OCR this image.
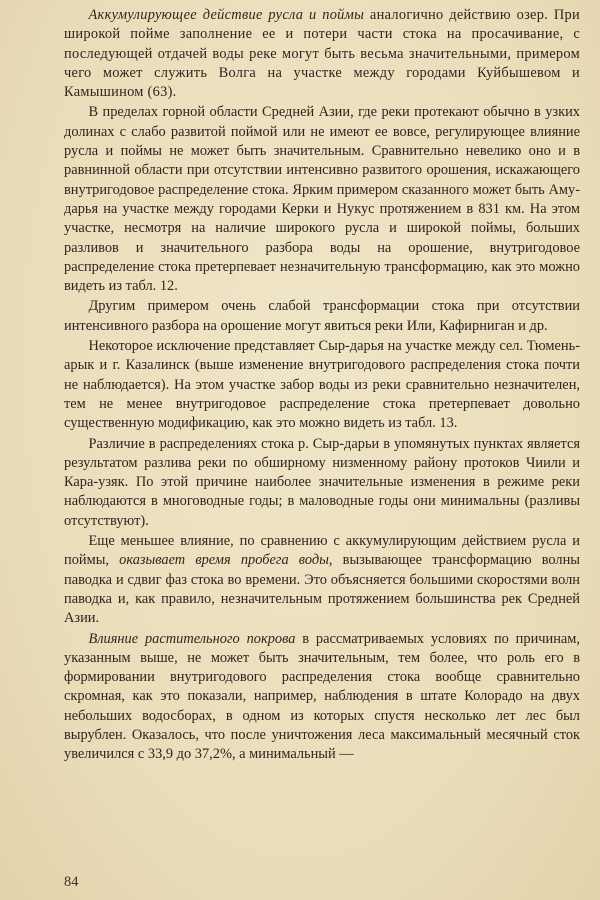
Аккумулирующее действие русла и поймы аналогично действию озер. При широкой пойме заполнение ее и потери части стока на просачивание, с последующей отдачей воды реке могут быть весьма значительными, примером чего может служить Волга на участке между городами Куйбышевом и Камышином (63).

В пределах горной области Средней Азии, где реки протекают обычно в узких долинах с слабо развитой поймой или не имеют ее вовсе, регулирующее влияние русла и поймы не может быть значительным. Сравнительно невелико оно и в равнинной области при отсутствии интенсивно развитого орошения, искажающего внутригодовое распределение стока. Ярким примером сказанного может быть Аму-дарья на участке между городами Керки и Нукус протяжением в 831 км. На этом участке, несмотря на наличие широкого русла и широкой поймы, больших разливов и значительного разбора воды на орошение, внутригодовое распределение стока претерпевает незначительную трансформацию, как это можно видеть из табл. 12.

Другим примером очень слабой трансформации стока при отсутствии интенсивного разбора на орошение могут явиться реки Или, Кафирниган и др.

Некоторое исключение представляет Сыр-дарья на участке между сел. Тюмень-арык и г. Казалинск (выше изменение внутригодового распределения стока почти не наблюдается). На этом участке забор воды из реки сравнительно незначителен, тем не менее внутригодовое распределение стока претерпевает довольно существенную модификацию, как это можно видеть из табл. 13.

Различие в распределениях стока р. Сыр-дарьи в упомянутых пунктах является результатом разлива реки по обширному низменному району протоков Чиили и Кара-узяк. По этой причине наиболее значительные изменения в режиме реки наблюдаются в многоводные годы; в маловодные годы они минимальны (разливы отсутствуют).

Еще меньшее влияние, по сравнению с аккумулирующим действием русла и поймы, оказывает время пробега воды, вызывающее трансформацию волны паводка и сдвиг фаз стока во времени. Это объясняется большими скоростями волн паводка и, как правило, незначительным протяжением большинства рек Средней Азии.

Влияние растительного покрова в рассматриваемых условиях по причинам, указанным выше, не может быть значительным, тем более, что роль его в формировании внутригодового распределения стока вообще сравнительно скромная, как это показали, например, наблюдения в штате Колорадо на двух небольших водосборах, в одном из которых спустя несколько лет лес был вырублен. Оказалось, что после уничтожения леса максимальный месячный сток увеличился с 33,9 до 37,2%, а минимальный —

84
